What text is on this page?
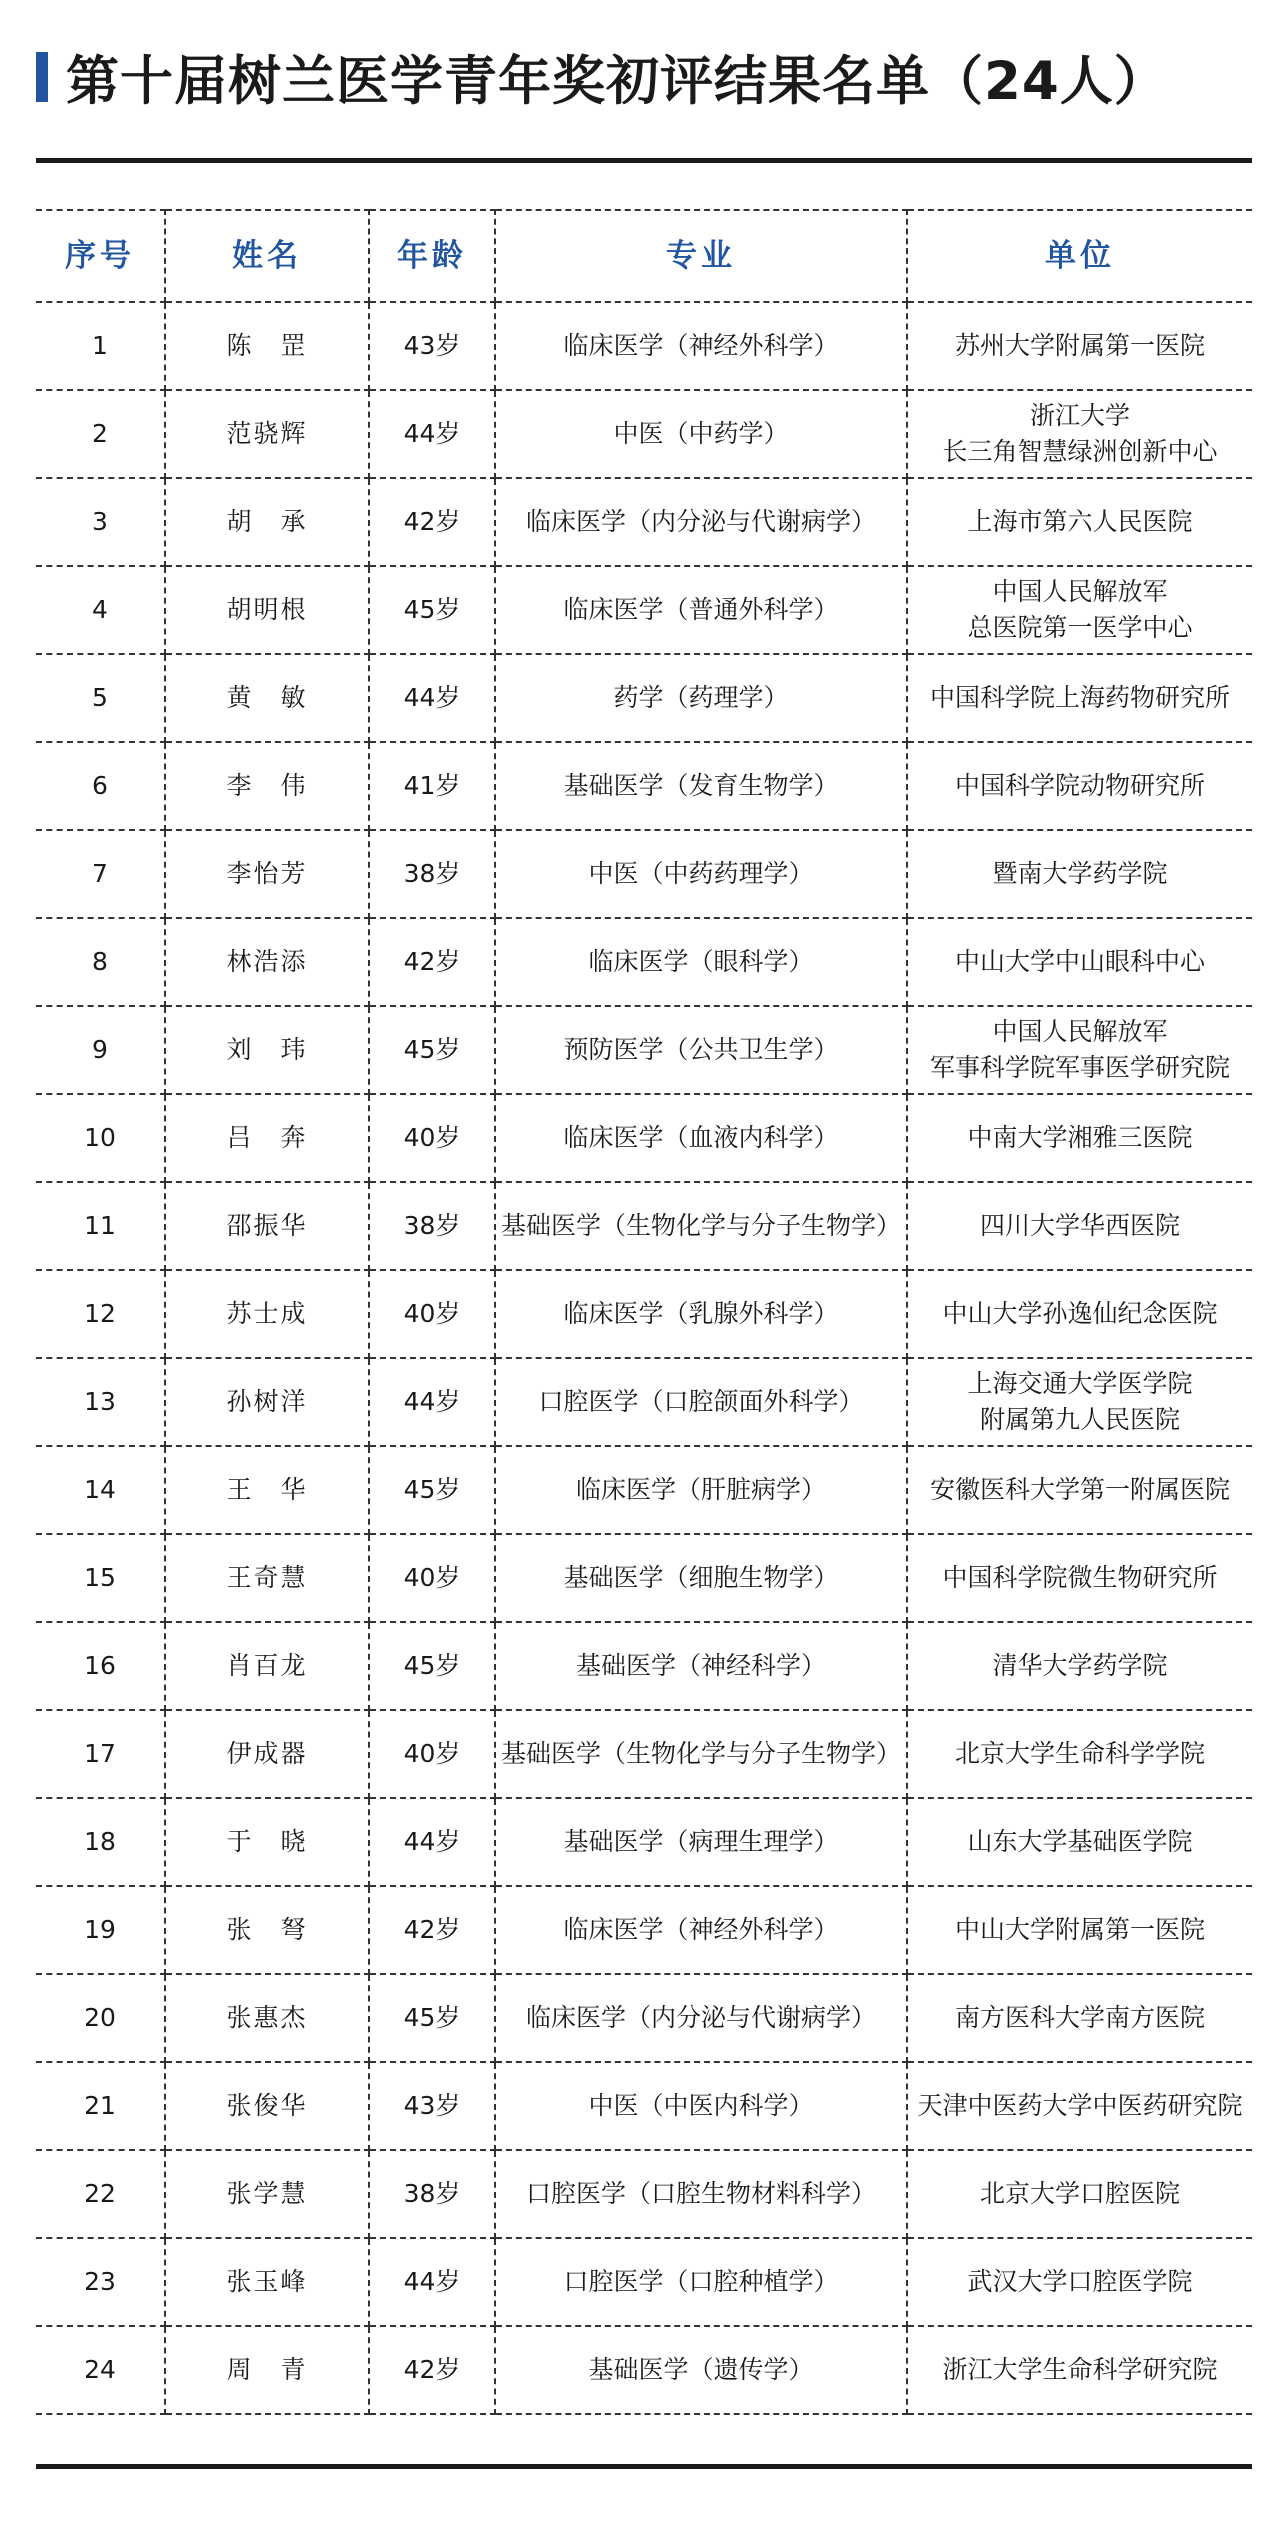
第十届树兰医学青年奖初评结果名单（24人）
序号	姓名	年龄	专业	单位
1	陈　罡	43岁	临床医学（神经外科学）	苏州大学附属第一医院

2	范骁辉	44岁	中医（中药学）	浙江大学
长三角智慧绿洲创新中心

3	胡　承	42岁	临床医学（内分泌与代谢病学）	上海市第六人民医院

4	胡明根	45岁	临床医学（普通外科学）	中国人民解放军
总医院第一医学中心

5	黄　敏	44岁	药学（药理学）	中国科学院上海药物研究所

6	李　伟	41岁	基础医学（发育生物学）	中国科学院动物研究所

7	李怡芳	38岁	中医（中药药理学）	暨南大学药学院

8	林浩添	42岁	临床医学（眼科学）	中山大学中山眼科中心

9	刘　玮	45岁	预防医学（公共卫生学）	中国人民解放军
军事科学院军事医学研究院

10	吕　奔	40岁	临床医学（血液内科学）	中南大学湘雅三医院

11	邵振华	38岁	基础医学（生物化学与分子生物学）	四川大学华西医院

12	苏士成	40岁	临床医学（乳腺外科学）	中山大学孙逸仙纪念医院

13	孙树洋	44岁	口腔医学（口腔颌面外科学）	上海交通大学医学院
附属第九人民医院

14	王　华	45岁	临床医学（肝脏病学）	安徽医科大学第一附属医院

15	王奇慧	40岁	基础医学（细胞生物学）	中国科学院微生物研究所

16	肖百龙	45岁	基础医学（神经科学）	清华大学药学院

17	伊成器	40岁	基础医学（生物化学与分子生物学）	北京大学生命科学学院

18	于　晓	44岁	基础医学（病理生理学）	山东大学基础医学院

19	张　弩	42岁	临床医学（神经外科学）	中山大学附属第一医院

20	张惠杰	45岁	临床医学（内分泌与代谢病学）	南方医科大学南方医院

21	张俊华	43岁	中医（中医内科学）	天津中医药大学中医药研究院

22	张学慧	38岁	口腔医学（口腔生物材料科学）	北京大学口腔医院

23	张玉峰	44岁	口腔医学（口腔种植学）	武汉大学口腔医学院

24	周　青	42岁	基础医学（遗传学）	浙江大学生命科学研究院
